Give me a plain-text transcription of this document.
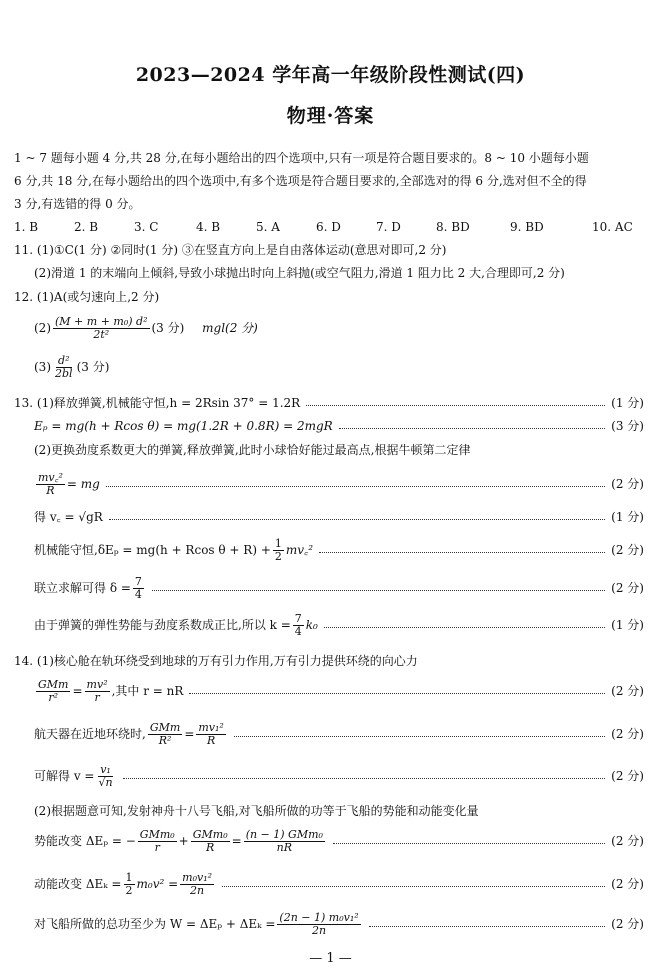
2023—2024 学年高一年级阶段性测试(四)
物理·答案
1 ~ 7 题每小题 4 分,共 28 分,在每小题给出的四个选项中,只有一项是符合题目要求的。8 ~ 10 小题每小题
6 分,共 18 分,在每小题给出的四个选项中,有多个选项是符合题目要求的,全部选对的得 6 分,选对但不全的得
3 分,有选错的得 0 分。
1. B	2. B	3. C	4. B	5. A	6. D	7. D	8. BD	9. BD	10. AC
11. (1)①C(1 分) ②同时(1 分) ③在竖直方向上是自由落体运动(意思对即可,2 分)
(2)滑道 1 的末端向上倾斜,导致小球抛出时向上斜抛(或空气阻力,滑道 1 阻力比 2 大,合理即可,2 分)
12. (1)A(或匀速向上,2 分)
$(2) \frac{\text{(M + m + m₀) d²}}{\text{2t²}} (3$ 分) mgl(2 分)
$(3) \frac{\text{d²}}{2bl} (3$ 分)
13. (1)释放弹簧,机械能守恒,h = 2Rsin 37° = 1.2R	(1 分)
Eₚ = mg(h + Rcos θ) = mg(1.2R + 0.8R) = 2mgR	(3 分)
(2)更换劲度系数更大的弹簧,释放弹簧,此时小球恰好能过最高点,根据牛顿第二定律
$\frac{\text{mv꜀²}}{R}$ = mg	(2 分)
得 v꜀ = √gR	(1 分)
机械能守恒,δEₚ = mg(h + Rcos $\theta + R) + \frac{1}{2}$ mv꜀²	(2 分)
联立求解可得 $\delta = \frac{7}{4}$	(2 分)
由于弹簧的弹性势能与劲度系数成正比,所以 $k = \frac{7}{4} k_0$	(1 分)
14. (1)核心舱在轨环绕受到地球的万有引力作用,万有引力提供环绕的向心力
$\frac{\text{GMm}}{\text{r²}} = \frac{\text{mv²}}{r}$ ,其中 r = nR	(2 分)
航天器在近地环绕时, $\frac{\text{GMm}}{\text{R²}} = \frac{\text{mv₁²}}{R}$	(2 分)
可解得 $v = \frac{\text{v₁}}{√n}$	(2 分)
(2)根据题意可知,发射神舟十八号飞船,对飞船所做的功等于飞船的势能和动能变化量
势能改变 ΔEₚ = − $\frac{\text{GMm₀}}{r} + \frac{\text{GMm₀}}{R} = \frac{\text{(n − 1) GMm₀}}{nR}$	(2 分)
动能改变 $\Delta E_k = \frac{1}{2} m_0v^2 = \frac{\text{m₀v₁²}}{2n}$	(2 分)
对飞船所做的总功至少为 $W = \Delta E_p + \Delta E_k = \frac{\text{(2n − 1) m₀v₁²}}{2n}$	(2 分)
— 1 —
